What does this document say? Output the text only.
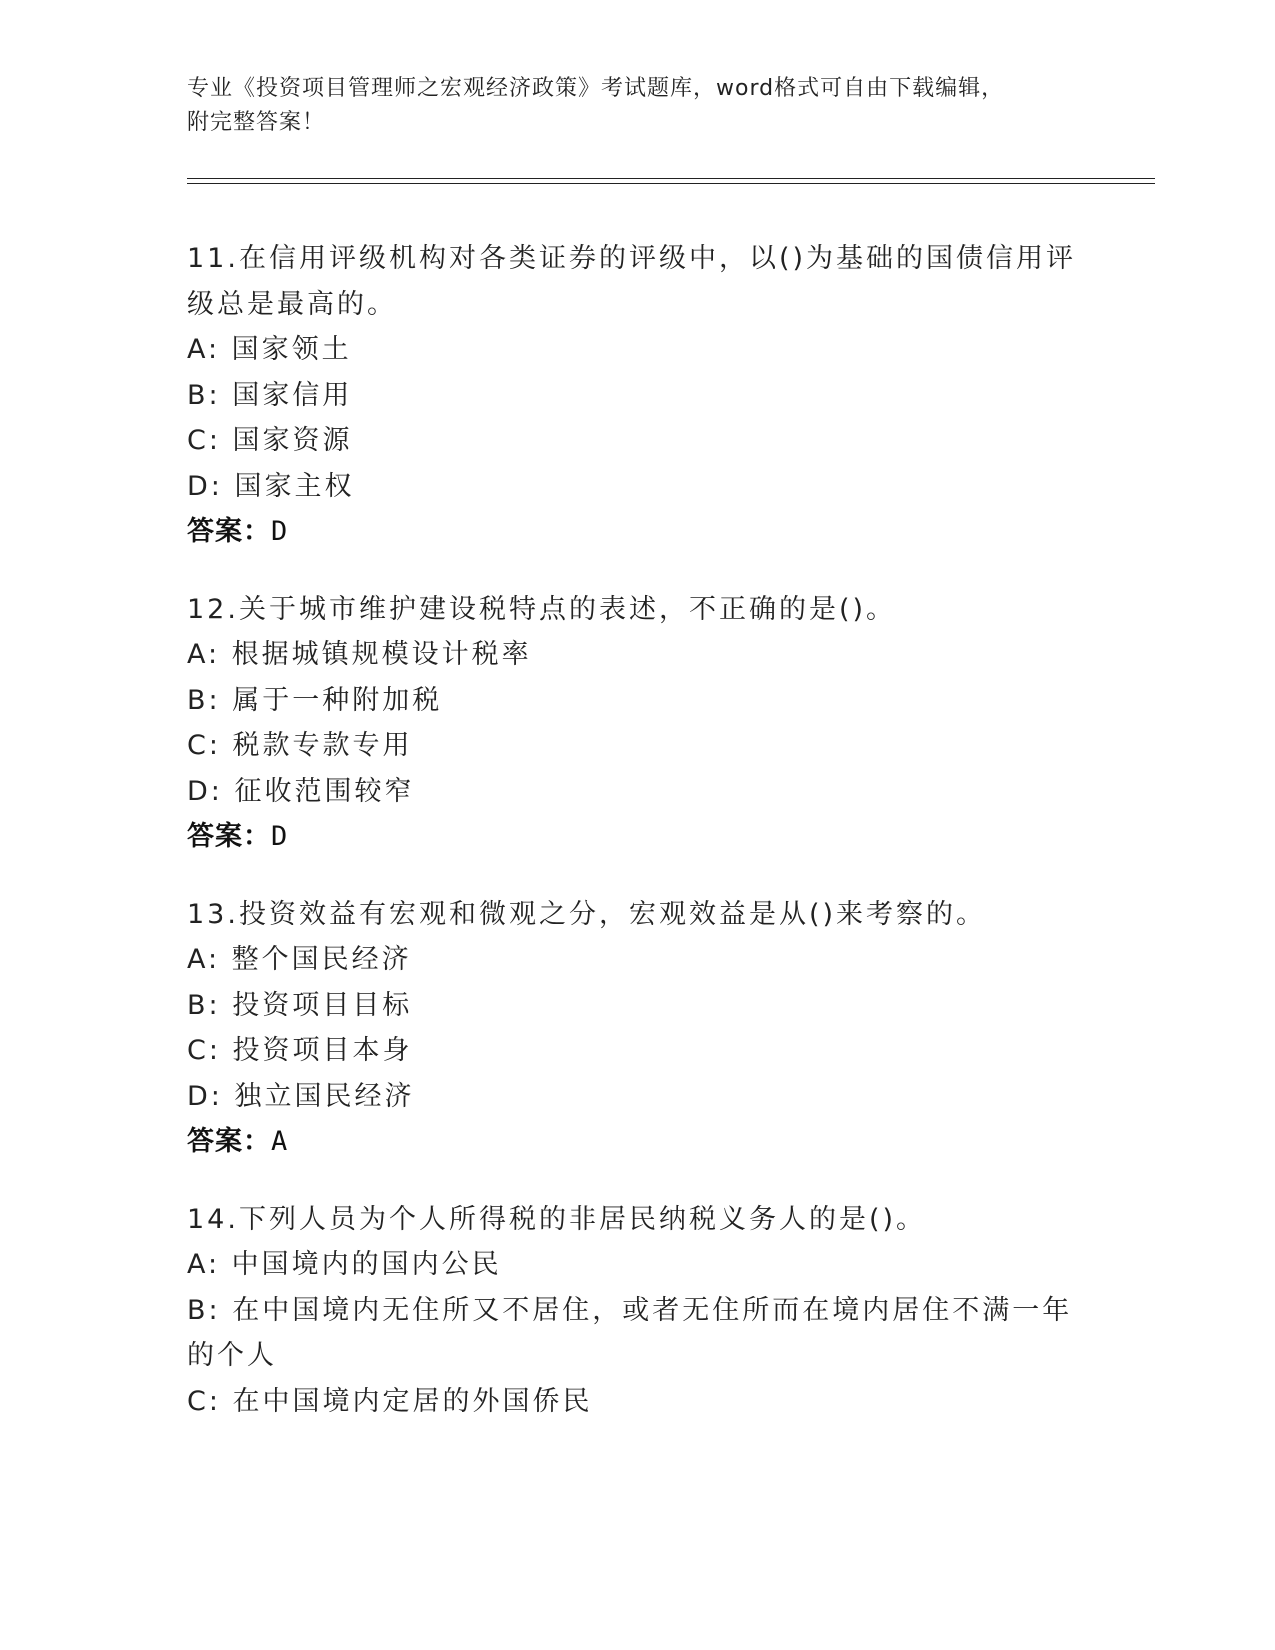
专业《投资项目管理师之宏观经济政策》考试题库，word格式可自由下载编辑，
附完整答案！

11.在信用评级机构对各类证券的评级中，以()为基础的国债信用评级总是最高的。

A: 国家领土

B: 国家信用

C: 国家资源

D: 国家主权

答案：D

12.关于城市维护建设税特点的表述，不正确的是()。

A: 根据城镇规模设计税率

B: 属于一种附加税

C: 税款专款专用

D: 征收范围较窄

答案：D

13.投资效益有宏观和微观之分，宏观效益是从()来考察的。

A: 整个国民经济

B: 投资项目目标

C: 投资项目本身

D: 独立国民经济

答案：A

14.下列人员为个人所得税的非居民纳税义务人的是()。

A: 中国境内的国内公民

B: 在中国境内无住所又不居住，或者无住所而在境内居住不满一年的个人

C: 在中国境内定居的外国侨民
